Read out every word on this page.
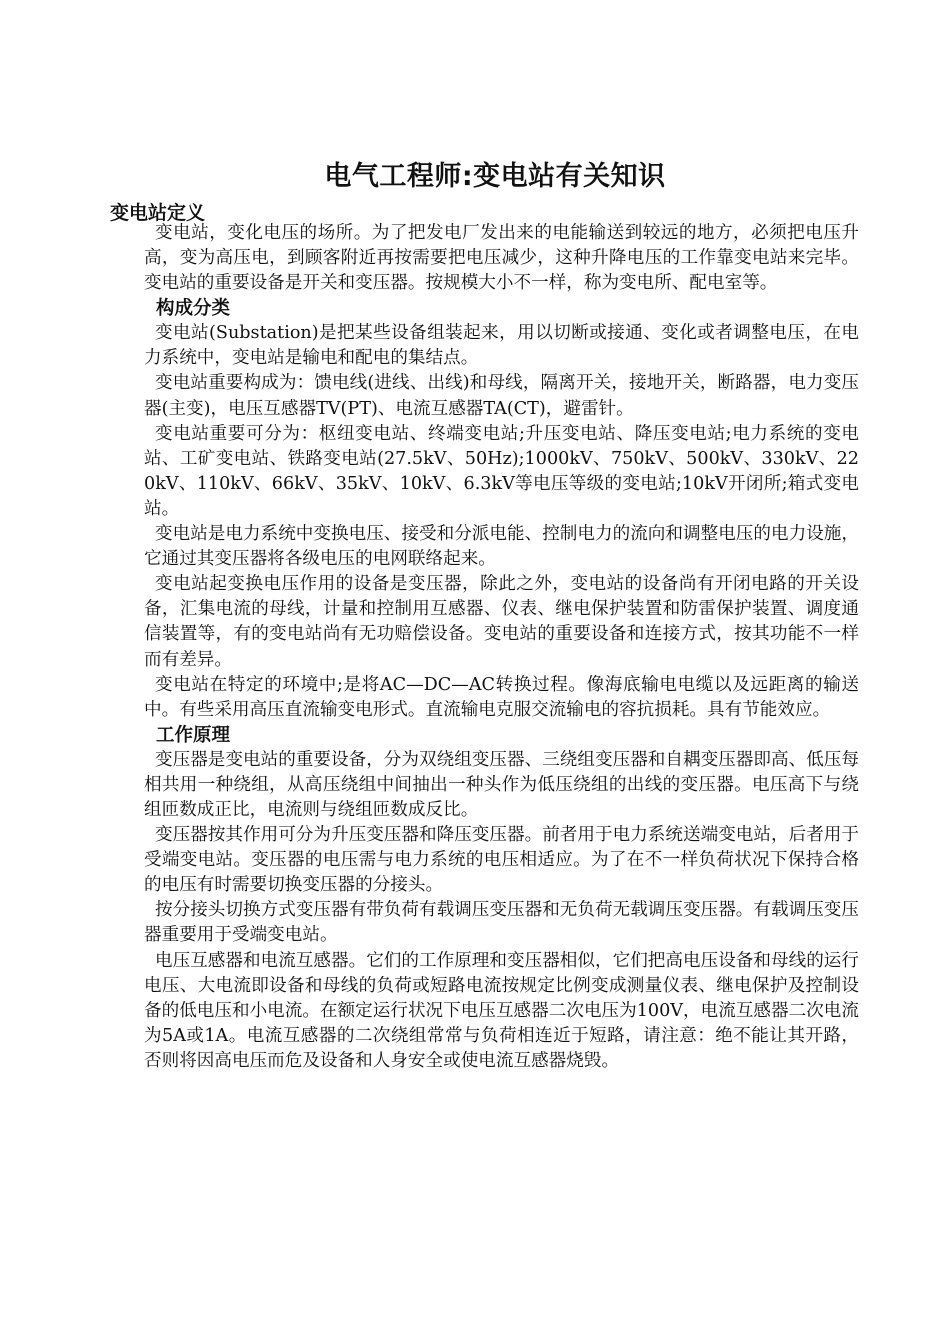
电气工程师:变电站有关知识
变电站定义

变电站，变化电压的场所。为了把发电厂发出来的电能输送到较远的地方，必须把电压升高，变为高压电，到顾客附近再按需要把电压减少，这种升降电压的工作靠变电站来完毕。变电站的重要设备是开关和变压器。按规模大小不一样，称为变电所、配电室等。

构成分类

变电站(Substation)是把某些设备组装起来，用以切断或接通、变化或者调整电压，在电力系统中，变电站是输电和配电的集结点。

变电站重要构成为：馈电线(进线、出线)和母线，隔离开关，接地开关，断路器，电力变压器(主变)，电压互感器TV(PT)、电流互感器TA(CT)，避雷针。

变电站重要可分为：枢纽变电站、终端变电站;升压变电站、降压变电站;电力系统的变电站、工矿变电站、铁路变电站(27.5kV、50Hz);1000kV、750kV、500kV、330kV、220kV、110kV、66kV、35kV、10kV、6.3kV等电压等级的变电站;10kV开闭所;箱式变电站。

变电站是电力系统中变换电压、接受和分派电能、控制电力的流向和调整电压的电力设施，它通过其变压器将各级电压的电网联络起来。

变电站起变换电压作用的设备是变压器，除此之外，变电站的设备尚有开闭电路的开关设备，汇集电流的母线，计量和控制用互感器、仪表、继电保护装置和防雷保护装置、调度通信装置等，有的变电站尚有无功赔偿设备。变电站的重要设备和连接方式，按其功能不一样而有差异。

变电站在特定的环境中;是将AC—DC—AC转换过程。像海底输电电缆以及远距离的输送中。有些采用高压直流输变电形式。直流输电克服交流输电的容抗损耗。具有节能效应。

工作原理

变压器是变电站的重要设备，分为双绕组变压器、三绕组变压器和自耦变压器即高、低压每相共用一种绕组，从高压绕组中间抽出一种头作为低压绕组的出线的变压器。电压高下与绕组匝数成正比，电流则与绕组匝数成反比。

变压器按其作用可分为升压变压器和降压变压器。前者用于电力系统送端变电站，后者用于受端变电站。变压器的电压需与电力系统的电压相适应。为了在不一样负荷状况下保持合格的电压有时需要切换变压器的分接头。

按分接头切换方式变压器有带负荷有载调压变压器和无负荷无载调压变压器。有载调压变压器重要用于受端变电站。

电压互感器和电流互感器。它们的工作原理和变压器相似，它们把高电压设备和母线的运行电压、大电流即设备和母线的负荷或短路电流按规定比例变成测量仪表、继电保护及控制设备的低电压和小电流。在额定运行状况下电压互感器二次电压为100V，电流互感器二次电流为5A或1A。电流互感器的二次绕组常常与负荷相连近于短路，请注意：绝不能让其开路，否则将因高电压而危及设备和人身安全或使电流互感器烧毁。
